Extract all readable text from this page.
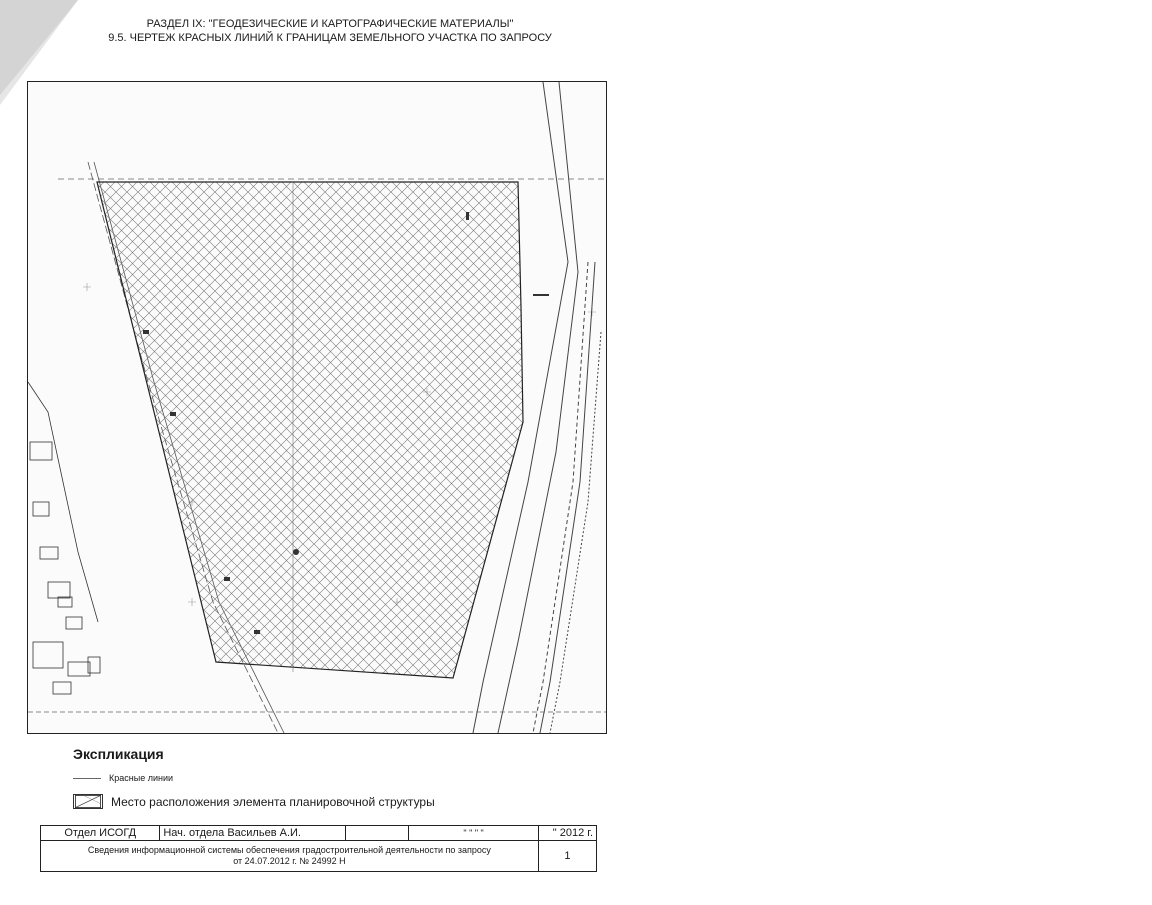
РАЗДЕЛ IX: "ГЕОДЕЗИЧЕСКИЕ И КАРТОГРАФИЧЕСКИЕ МАТЕРИАЛЫ"
9.5. ЧЕРТЕЖ КРАСНЫХ ЛИНИЙ К ГРАНИЦАМ ЗЕМЕЛЬНОГО УЧАСТКА ПО ЗАПРОСУ
Экспликация
Красные линии
Место расположения элемента планировочной структуры
Отдел ИСОГД	Нач. отдела Васильев А.И.		" " " "	" 2012 г.

Сведения информационной системы обеспечения градостроительной деятельности по запросу
от 24.07.2012 г. № 24992 Н				1
